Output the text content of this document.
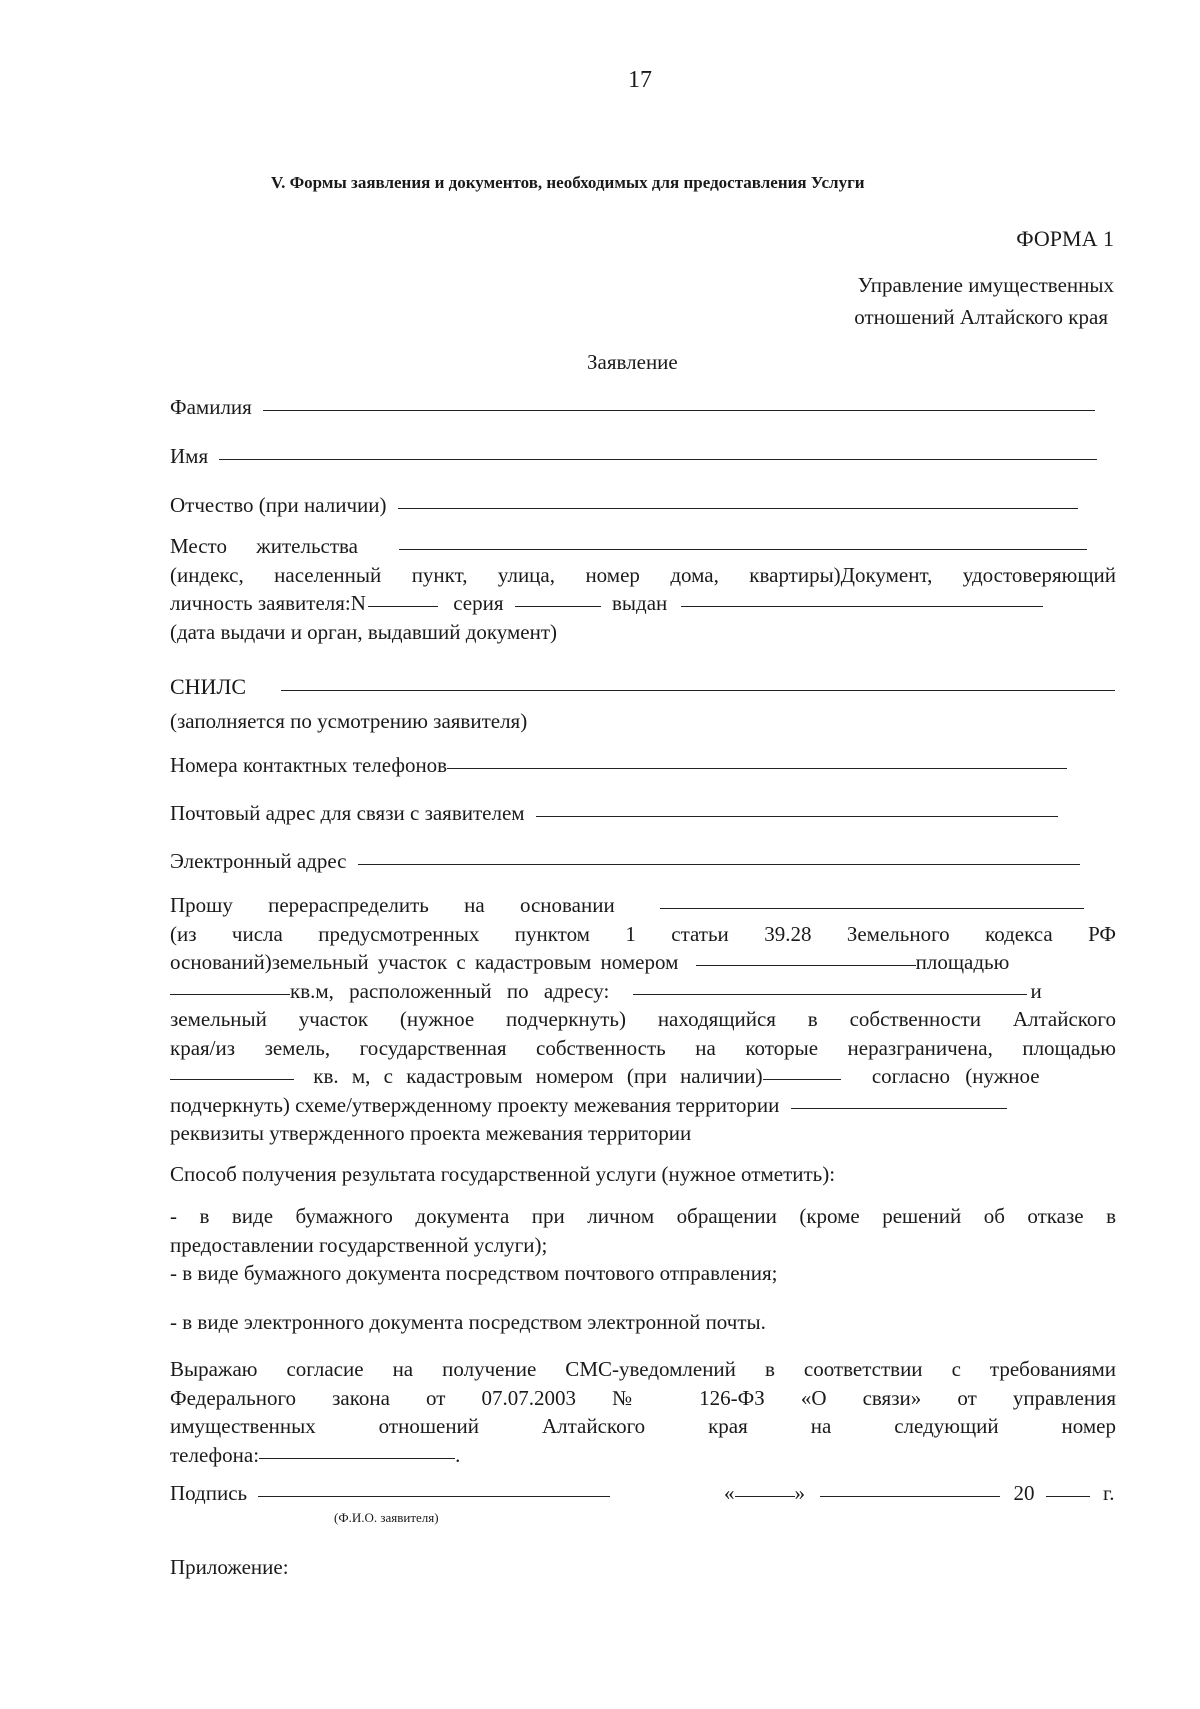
17
V. Формы заявления и документов, необходимых для предоставления Услуги
ФОРМА 1
Управление имущественных
отношений Алтайского края
Заявление
Фамилия
Имя
Отчество (при наличии)
Место жительства
(индекс, населенный пункт, улица, номер дома, квартиры)Документ, удостоверяющий
личность заявителя:N	серия	выдан
(дата выдачи и орган, выдавший документ)
СНИЛС
(заполняется по усмотрению заявителя)
Номера контактных телефонов
Почтовый адрес для связи с заявителем
Электронный адрес
Прошу перераспределить на основании
(из числа предусмотренных пунктом 1 статьи 39.28 Земельного кодекса РФ
оснований)земельный участок с кадастровым номером	площадью
кв.м, расположенный по адресу:	и
земельный участок (нужное подчеркнуть) находящийся в собственности Алтайского
края/из земель, государственная собственность на которые неразграничена, площадью
кв. м, с кадастровым номером (при наличии)	согласно (нужное
подчеркнуть) схеме/утвержденному проекту межевания территории
реквизиты утвержденного проекта межевания территории
Способ получения результата государственной услуги (нужное отметить):
- в виде бумажного документа при личном обращении (кроме решений об отказе в
предоставлении государственной услуги);
- в виде бумажного документа посредством почтового отправления;
- в виде электронного документа посредством электронной почты.
Выражаю согласие на получение СМС-уведомлений в соответствии с требованиями
Федерального закона от 07.07.2003 № 126-ФЗ «О связи» от управления
имущественных отношений Алтайского края на следующий номер
телефона:	.
Подпись
(Ф.И.О. заявителя)
«	»	20	г.
Приложение:
